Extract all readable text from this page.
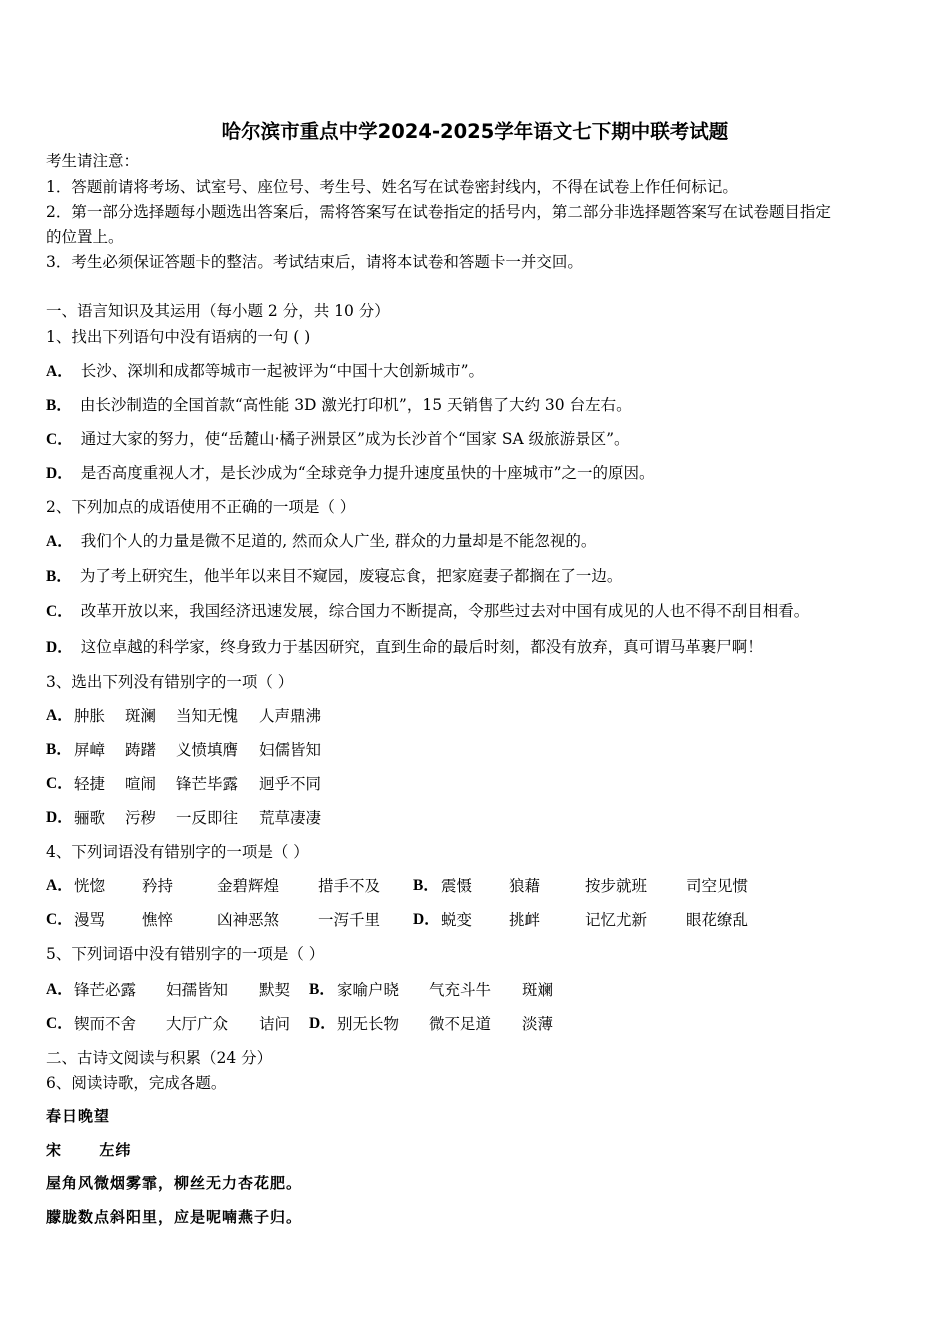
哈尔滨市重点中学2024-2025学年语文七下期中联考试题
考生请注意：
1．答题前请将考场、试室号、座位号、考生号、姓名写在试卷密封线内，不得在试卷上作任何标记。
2．第一部分选择题每小题选出答案后，需将答案写在试卷指定的括号内，第二部分非选择题答案写在试卷题目指定
的位置上。
3．考生必须保证答题卡的整洁。考试结束后，请将本试卷和答题卡一并交回。
一、语言知识及其运用（每小题 2 分，共 10 分）
1、找出下列语句中没有语病的一句 ( )
A． 长沙、深圳和成都等城市一起被评为“中国十大创新城市”。
B． 由长沙制造的全国首款“高性能 3D 激光打印机”，15 天销售了大约 30 台左右。
C． 通过大家的努力，使“岳麓山·橘子洲景区”成为长沙首个“国家 SA 级旅游景区”。
D． 是否高度重视人才，是长沙成为“全球竞争力提升速度虽快的十座城市”之一的原因。
2、下列加点的成语使用不正确的一项是（ ）
A． 我们个人的力量是微不足道的, 然而众人广坐, 群众的力量却是不能忽视的。
B． 为了考上研究生，他半年以来目不窥园，废寝忘食，把家庭妻子都搁在了一边。
C． 改革开放以来，我国经济迅速发展，综合国力不断提高，令那些过去对中国有成见的人也不得不刮目相看。
D． 这位卓越的科学家，终身致力于基因研究，直到生命的最后时刻，都没有放弃，真可谓马革裹尸啊！
3、选出下列没有错别字的一项（ ）
A． 肿胀 斑澜 当知无愧 人声鼎沸
B． 屏嶂 踌躇 义愤填膺 妇儒皆知
C． 轻捷 喧闹 锋芒毕露 迥乎不同
D． 骊歌 污秽 一反即往 荒草凄凄
4、下列词语没有错别字的一项是（ ）
A． 恍惚 矜持	金碧辉煌	措手不及 B． 震慑 狼藉	按步就班	司空见惯
C． 漫骂 憔悴	凶神恶煞	一泻千里 D． 蜕变 挑衅	记忆尤新	眼花缭乱
5、下列词语中没有错别字的一项是（ ）
A． 锋芒必露 妇孺皆知 默契 B． 家喻户晓 气充斗牛 斑斓
C． 锲而不舍 大厅广众 诘问 D． 别无长物 微不足道 淡薄
二、古诗文阅读与积累（24 分）
6、阅读诗歌，完成各题。
春日晚望
宋      左纬
屋角风微烟雾霏，柳丝无力杏花肥。
朦胧数点斜阳里，应是呢喃燕子归。
